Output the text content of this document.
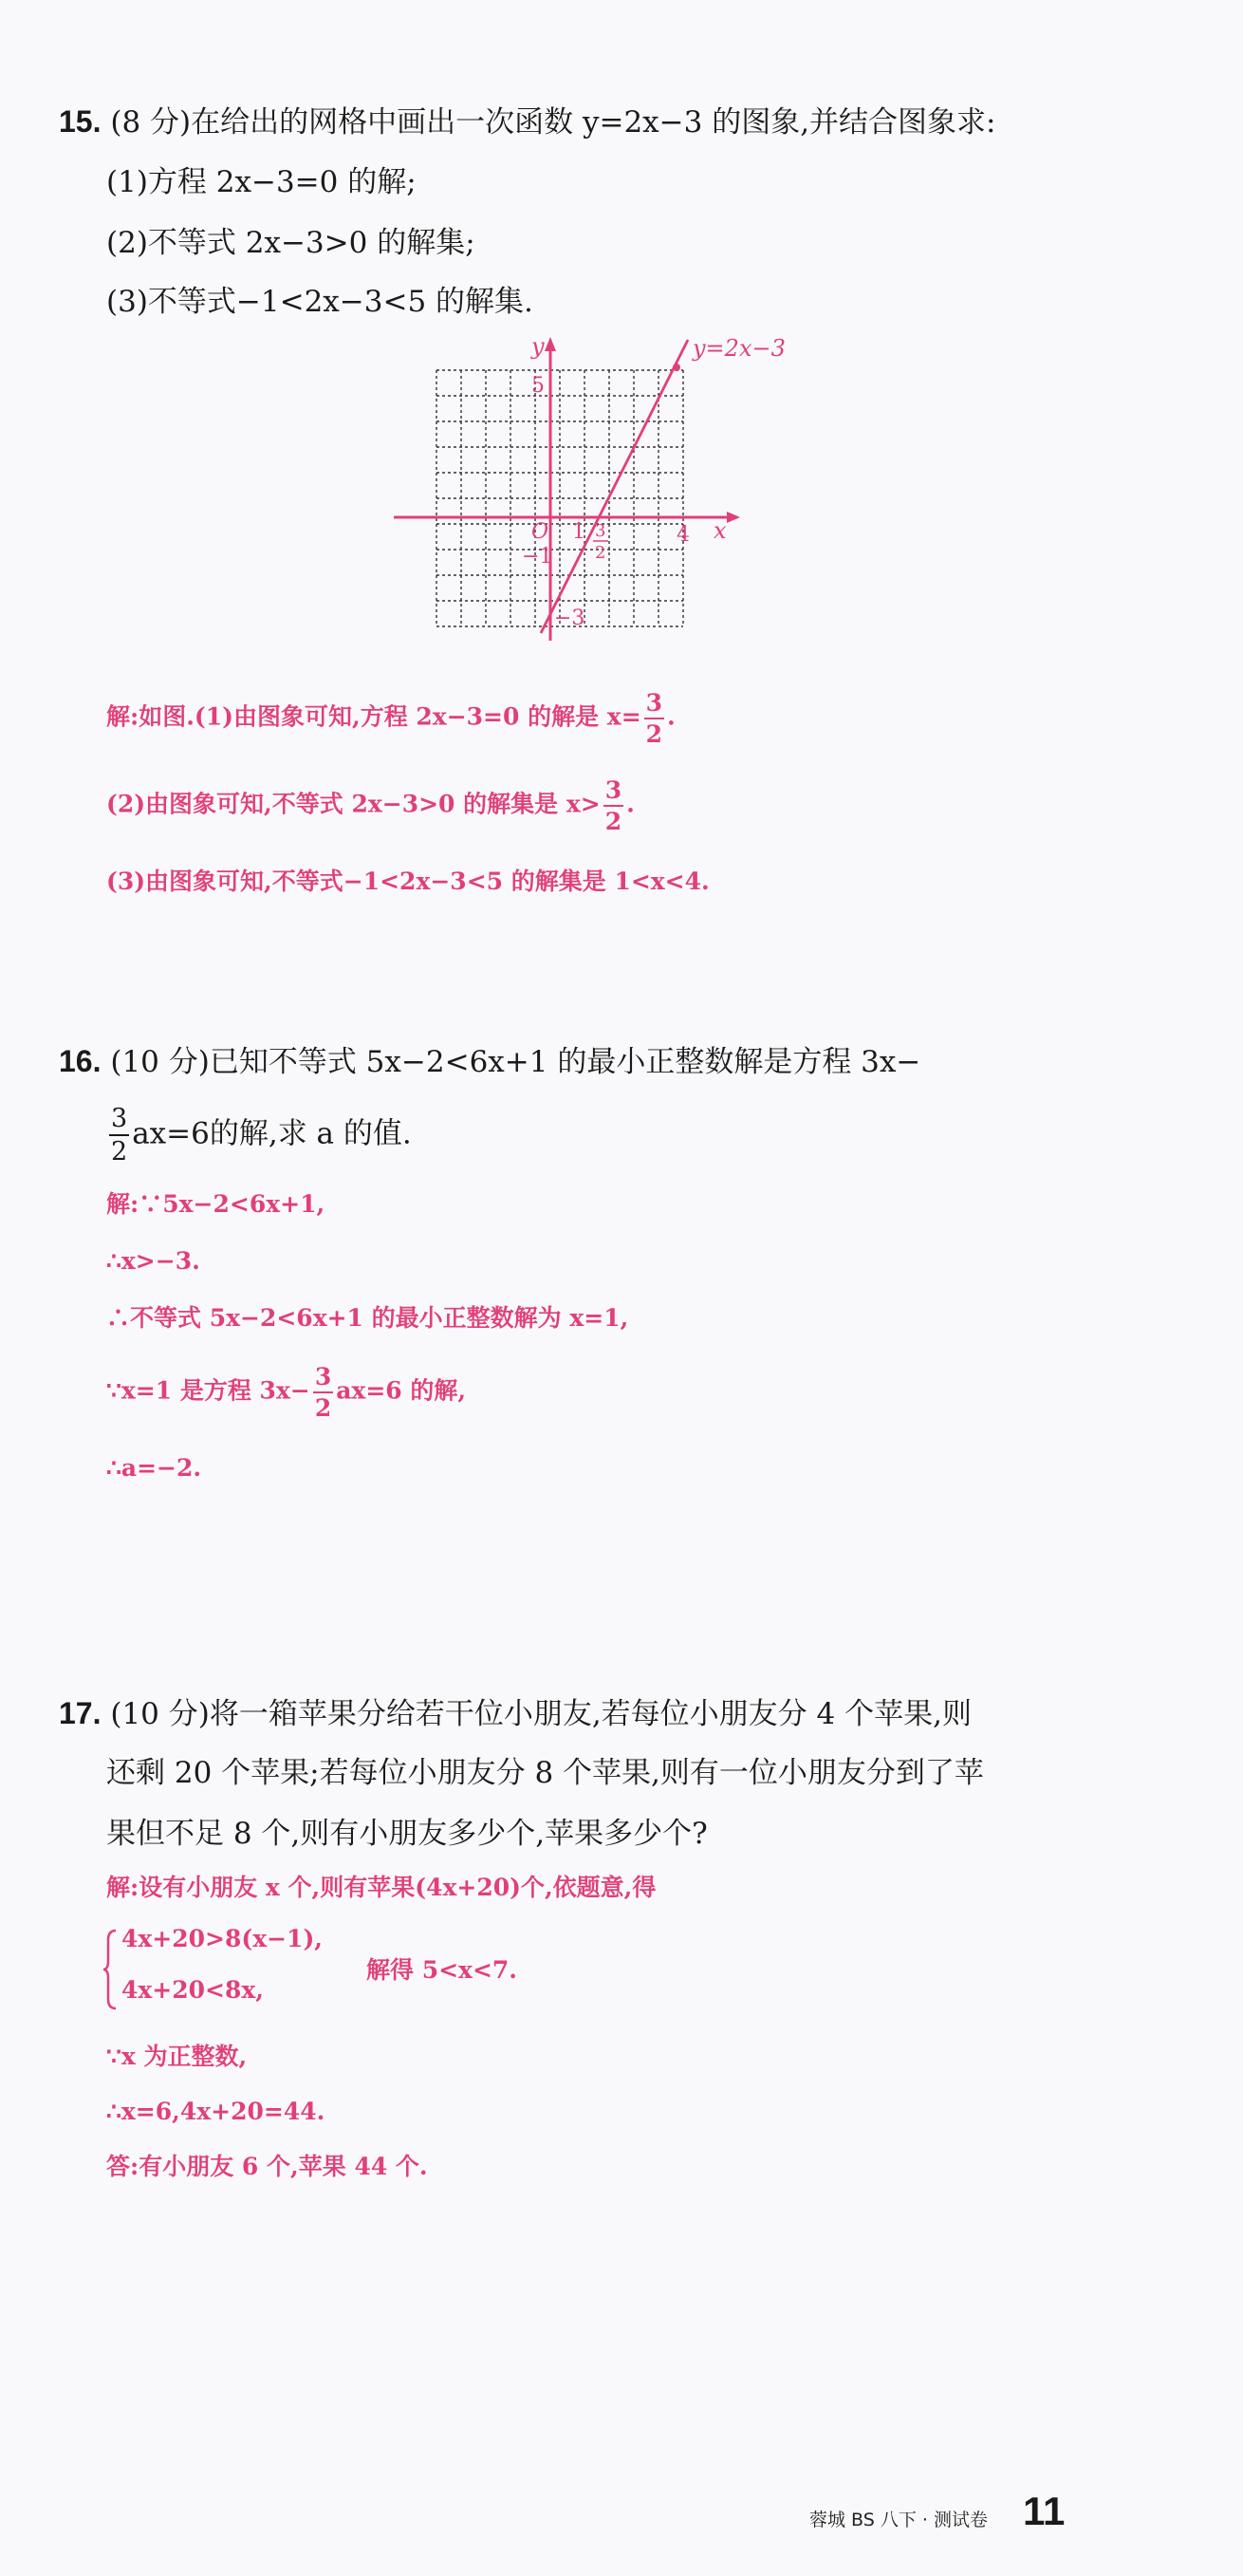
15. (8 分)在给出的网格中画出一次函数 y=2x−3 的图象,并结合图象求:
(1)方程 2x−3=0 的解;
(2)不等式 2x−3>0 的解集;
(3)不等式−1<2x−3<5 的解集.
y=2x−3
y
x
O
5
4
1
−1
3
2
−3
解:如图.(1)由图象可知,方程 2x−3=0 的解是 $x= \frac{3}{2}$ .
(2)由图象可知,不等式 2x−3>0 的解集是 $x> \frac{3}{2}$ .
(3)由图象可知,不等式−1<2x−3<5 的解集是 1<x<4.
16. (10 分)已知不等式 5x−2<6x+1 的最小正整数解是方程 3x−
$\frac{3}{2} ax=6$的解,求 a 的值.
解:∵5x−2<6x+1,
∴x>−3.
∴不等式 5x−2<6x+1 的最小正整数解为 x=1,
∵x=1 是方程 $3x- \frac{3}{2} ax=6$ 的解,
∴a=−2.
17. (10 分)将一箱苹果分给若干位小朋友,若每位小朋友分 4 个苹果,则
还剩 20 个苹果;若每位小朋友分 8 个苹果,则有一位小朋友分到了苹
果但不足 8 个,则有小朋友多少个,苹果多少个?
解:设有小朋友 x 个,则有苹果(4x+20)个,依题意,得
4x+20>8(x−1),
4x+20<8x,
解得 5<x<7.
∵x 为正整数,
∴x=6,4x+20=44.
答:有小朋友 6 个,苹果 44 个.
蓉城 BS 八下 · 测试卷 11
